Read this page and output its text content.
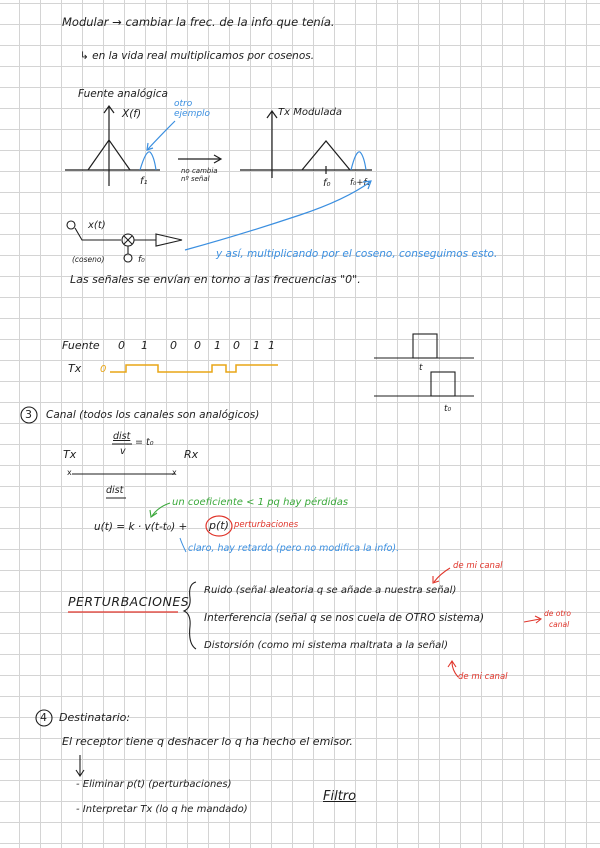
Modular → cambiar la frec. de la info que tenía.
↳ en la vida real multiplicamos por cosenos.
Fuente analógica
X(f)
otro ejemplo
f₁
no cambia nº señal
Tx Modulada
f₀ f₀+f₁
x(t)
(coseno)	f₀	y así, multiplicando por el coseno, conseguimos esto.
Las señales se envían en torno a las frecuencias "0".
Fuente 0 1 0 0 1 0 1 1
Tx 0	t
t₀
3 Canal (todos los canales son analógicos)
dist
v
= t₀
Tx	Rx
x	x
dist
un coeficiente < 1 pq hay pérdidas
u(t) = k · v(t-t₀) + p(t) perturbaciones
claro, hay retardo (pero no modifica la info).
de mi canal
PERTURBACIONES
Ruido (señal aleatoria q se añade a nuestra señal)
Interferencia (señal q se nos cuela de OTRO sistema)
Distorsión (como mi sistema maltrata a la señal)
de otro
canal
de mi canal
4 Destinatario:
El receptor tiene q deshacer lo q ha hecho el emisor.
- Eliminar p(t) (perturbaciones)
- Interpretar Tx (lo q he mandado)
Filtro
